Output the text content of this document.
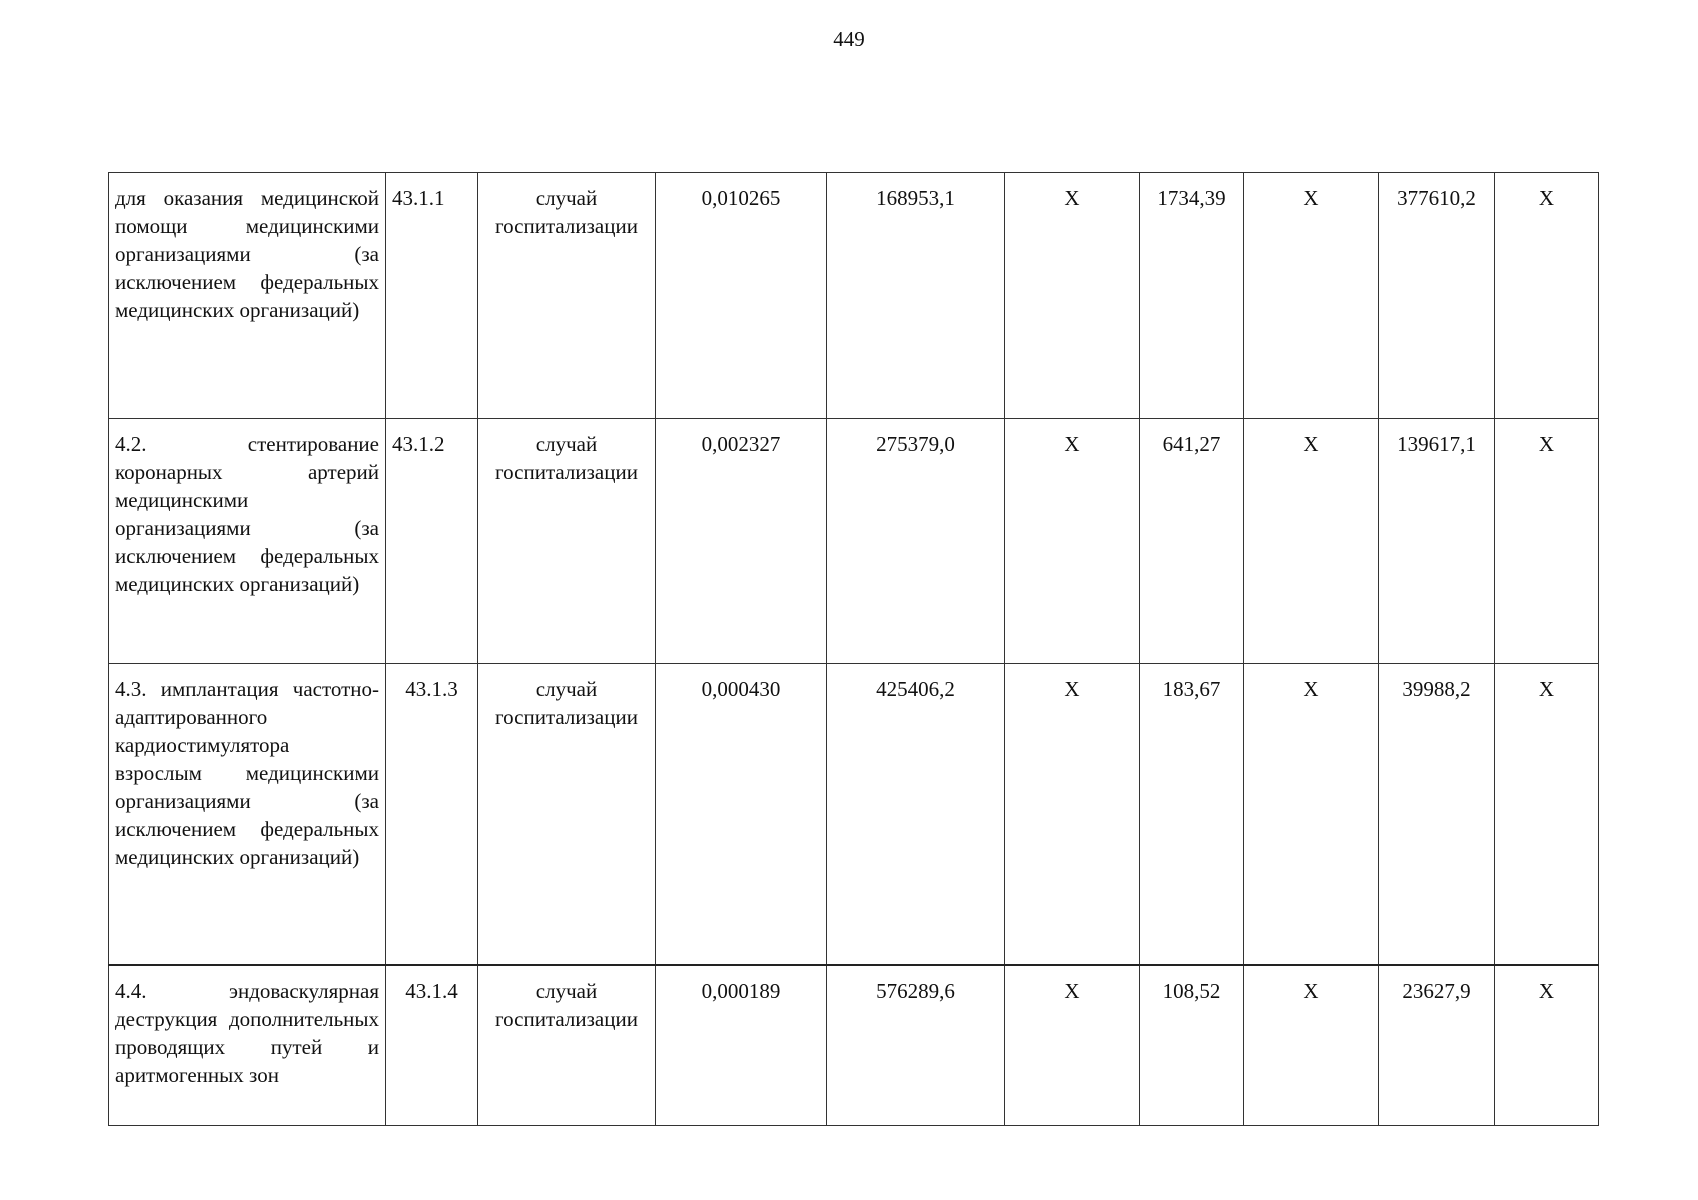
449
для оказания медицинской помощи медицинскими организациями (за исключением федеральных медицинских организаций)	43.1.1	случай госпитализации	0,010265	168953,1	X	1734,39	X	377610,2	X
4.2. стентирование коронарных артерий медицинскими организациями (за исключением федеральных медицинских организаций)	43.1.2	случай госпитализации	0,002327	275379,0	X	641,27	X	139617,1	X
4.3. имплантация частотно-адаптированного кардиостимулятора взрослым медицинскими организациями (за исключением федеральных медицинских организаций)	43.1.3	случай госпитализации	0,000430	425406,2	X	183,67	X	39988,2	X
4.4. эндоваскулярная деструкция дополнительных проводящих путей и аритмогенных зон	43.1.4	случай госпитализации	0,000189	576289,6	X	108,52	X	23627,9	X
